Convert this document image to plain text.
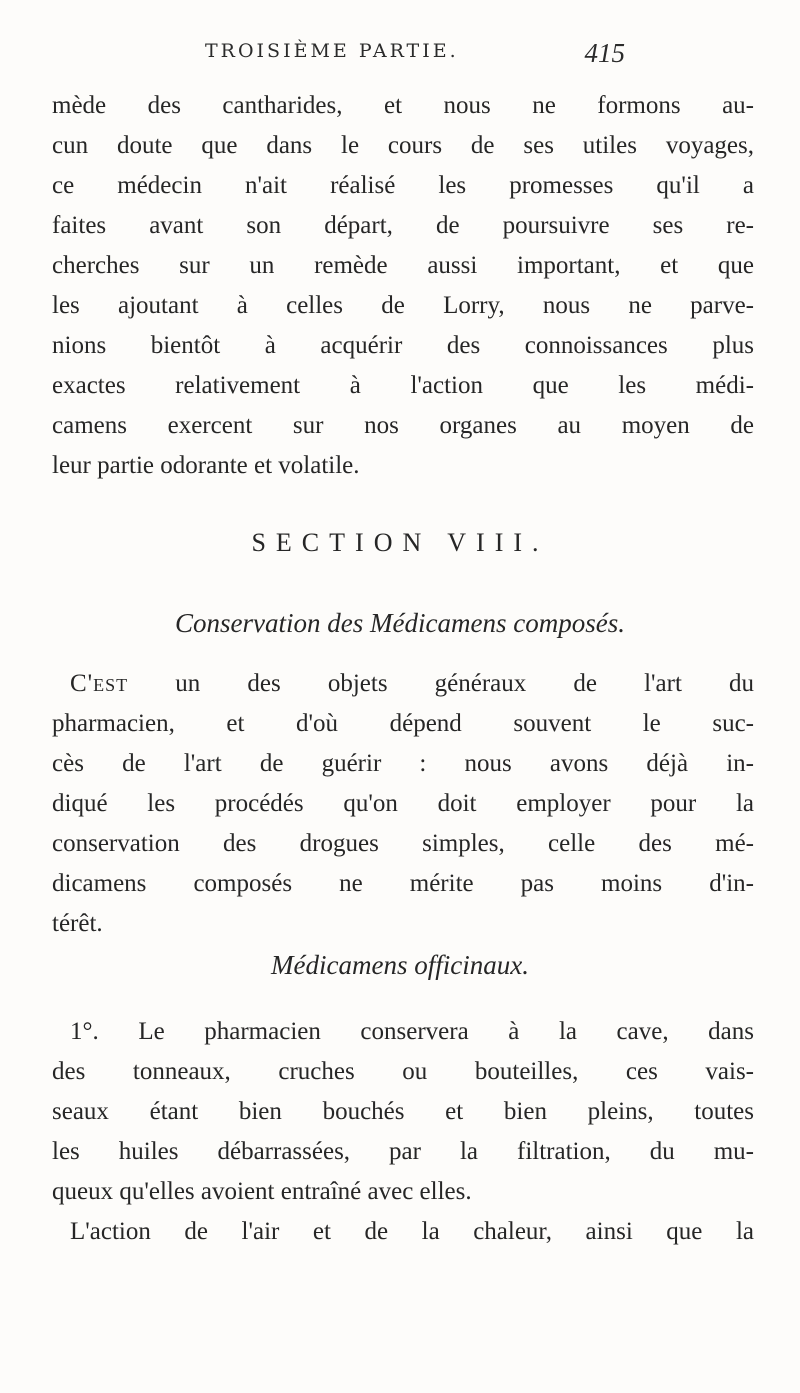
TROISIÈME PARTIE.	415
mède des cantharides, et nous ne formons au-
cun doute que dans le cours de ses utiles voyages,
ce médecin n'ait réalisé les promesses qu'il a
faites avant son départ, de poursuivre ses re-
cherches sur un remède aussi important, et que
les ajoutant à celles de Lorry, nous ne parve-
nions bientôt à acquérir des connoissances plus
exactes relativement à l'action que les médi-
camens exercent sur nos organes au moyen de
leur partie odorante et volatile.
SECTION VIII.
Conservation des Médicamens composés.
C'est un des objets généraux de l'art du
pharmacien, et d'où dépend souvent le suc-
cès de l'art de guérir : nous avons déjà in-
diqué les procédés qu'on doit employer pour la
conservation des drogues simples, celle des mé-
dicamens composés ne mérite pas moins d'in-
térêt.
Médicamens officinaux.
1°. Le pharmacien conservera à la cave, dans
des tonneaux, cruches ou bouteilles, ces vais-
seaux étant bien bouchés et bien pleins, toutes
les huiles débarrassées, par la filtration, du mu-
queux qu'elles avoient entraîné avec elles.
L'action de l'air et de la chaleur, ainsi que la
